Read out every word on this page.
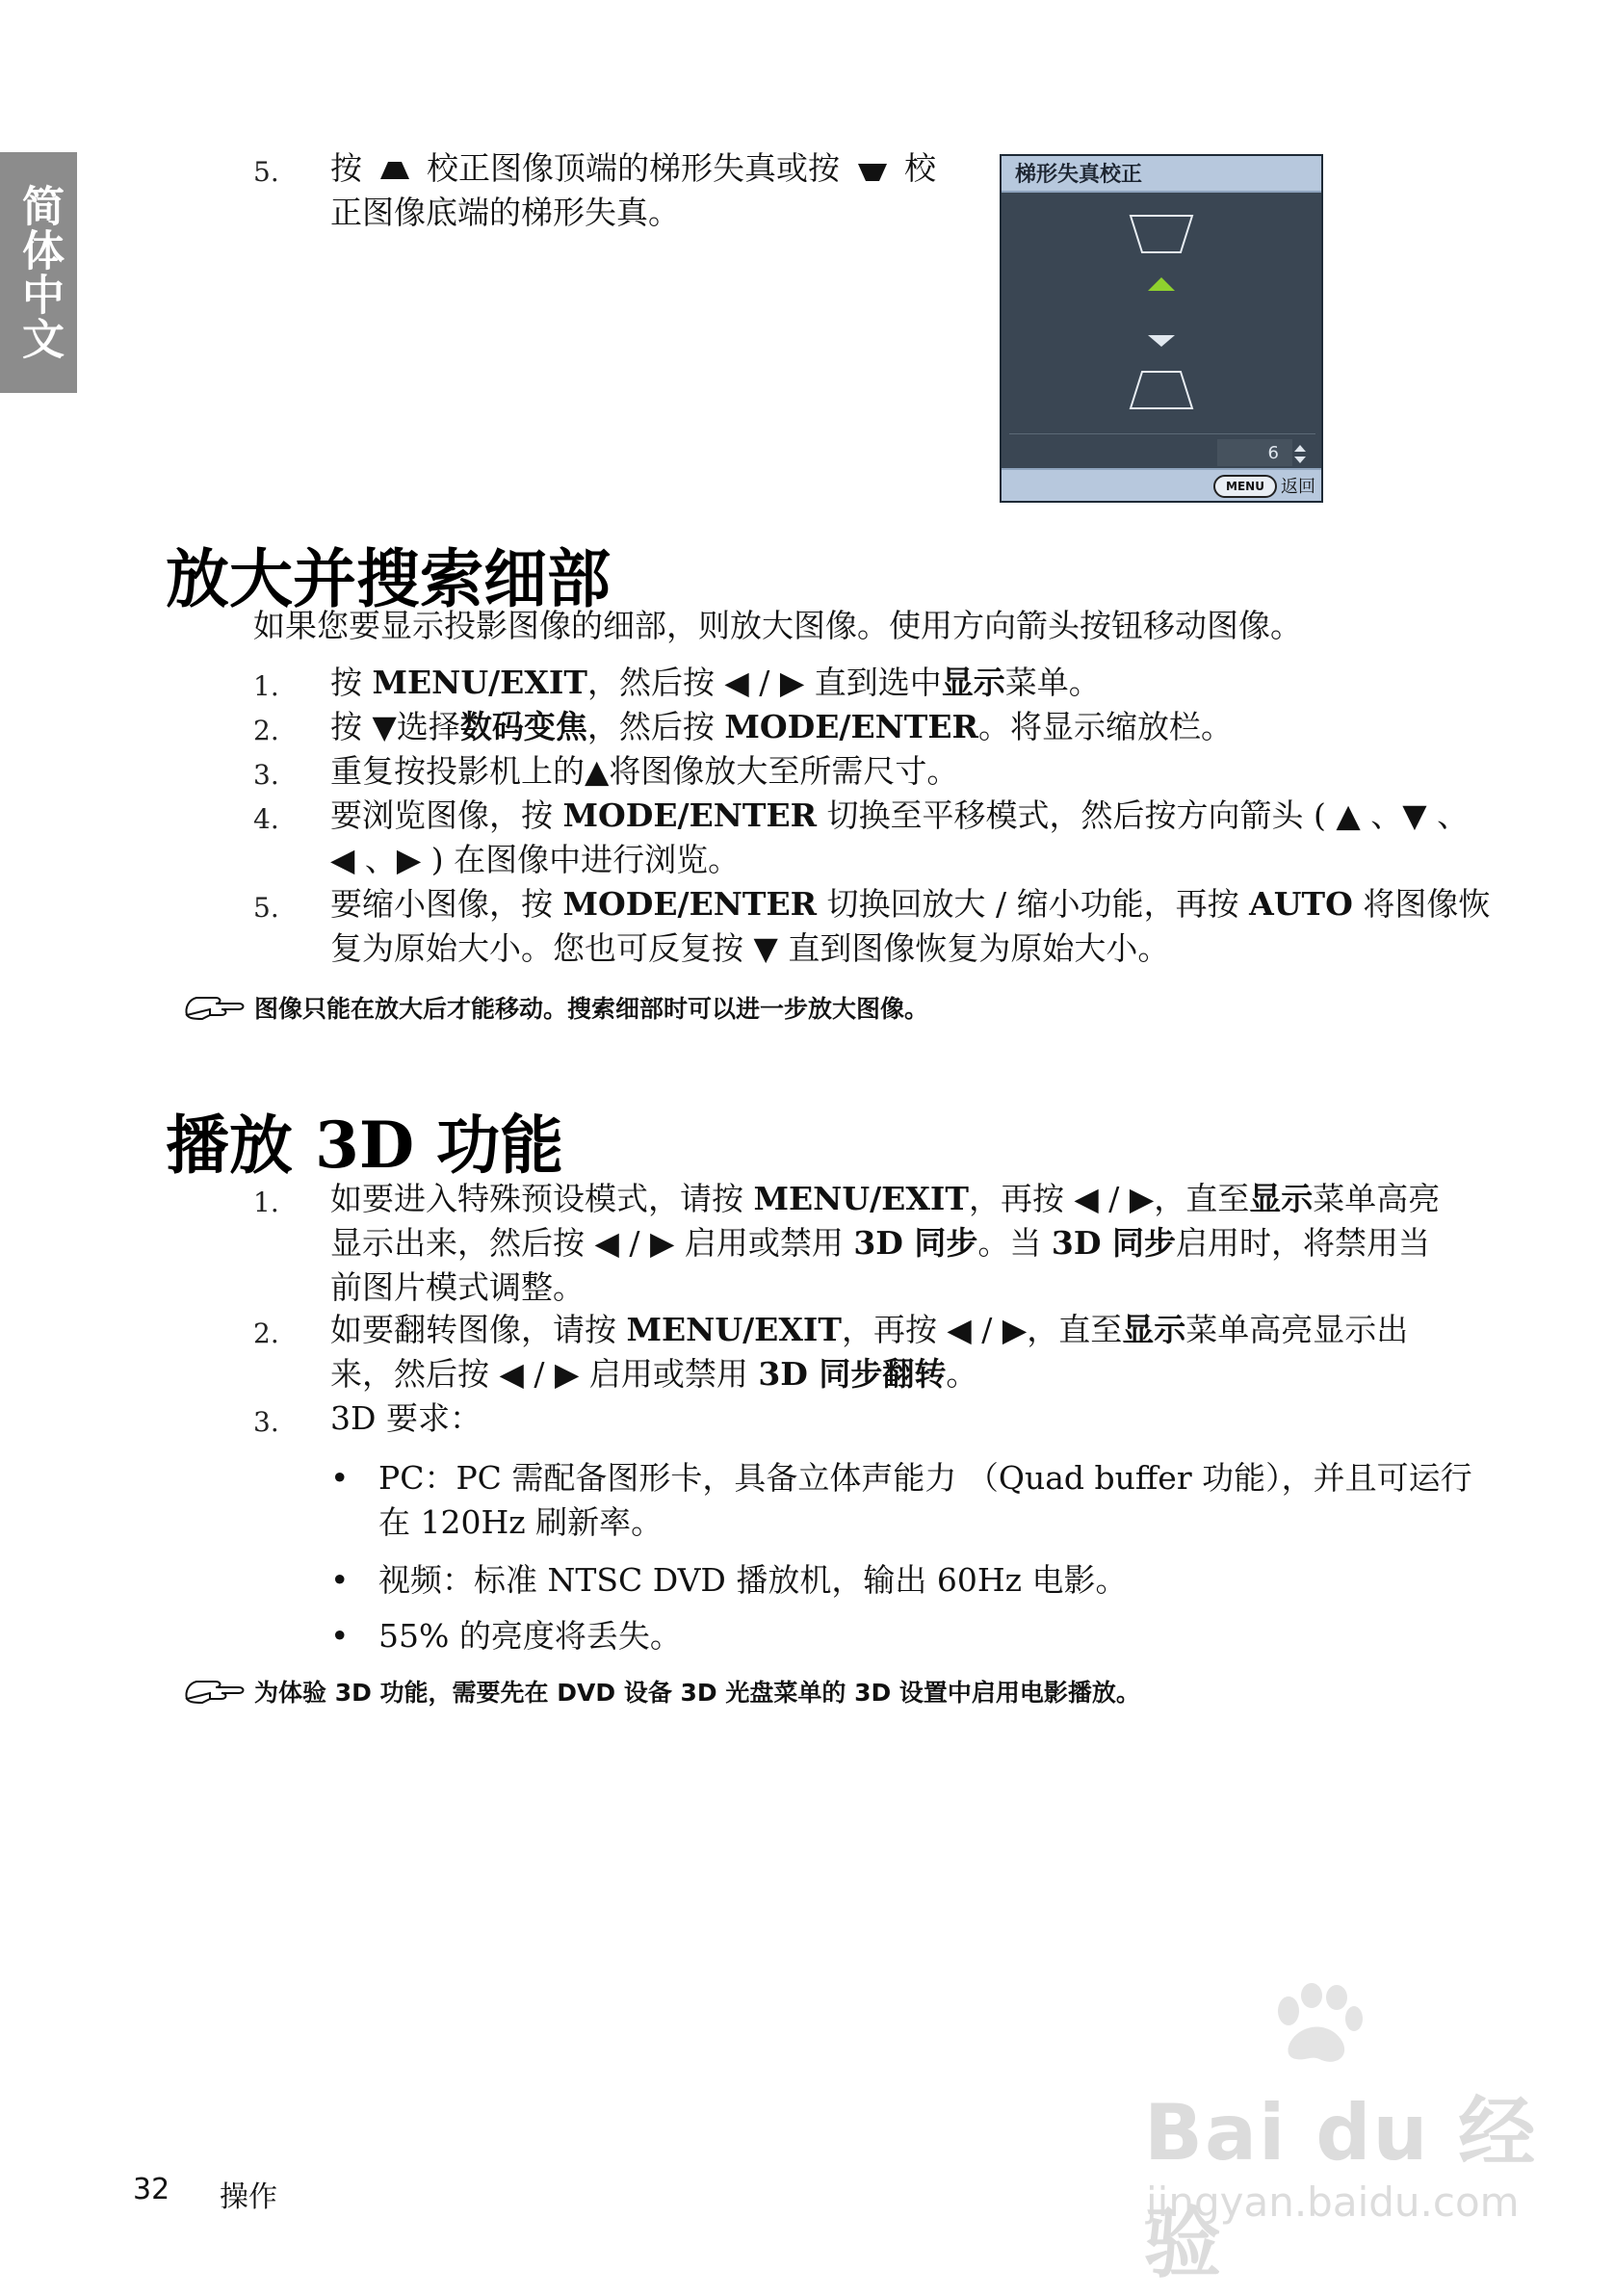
简体中文
5. 按 校正图像顶端的梯形失真或按 校
正图像底端的梯形失真。
梯形失真校正
6
MENU 返回
放大并搜索细部
如果您要显示投影图像的细部，则放大图像。使用方向箭头按钮移动图像。
1. 按 MENU/EXIT，然后按 ◀ / ▶ 直到选中显示菜单。
2. 按 ▼选择数码变焦，然后按 MODE/ENTER。将显示缩放栏。
3. 重复按投影机上的▲将图像放大至所需尺寸。
4. 要浏览图像，按 MODE/ENTER 切换至平移模式，然后按方向箭头 ( ▲ 、▼ 、
◀ 、▶ ) 在图像中进行浏览。
5. 要缩小图像，按 MODE/ENTER 切换回放大 / 缩小功能，再按 AUTO 将图像恢
复为原始大小。您也可反复按 ▼ 直到图像恢复为原始大小。
图像只能在放大后才能移动。搜索细部时可以进一步放大图像。
播放 3D 功能
1. 如要进入特殊预设模式，请按 MENU/EXIT，再按 ◀ / ▶，直至显示菜单高亮
显示出来，然后按 ◀ / ▶ 启用或禁用 3D 同步。当 3D 同步启用时，将禁用当
前图片模式调整。
2. 如要翻转图像，请按 MENU/EXIT，再按 ◀ / ▶，直至显示菜单高亮显示出
来，然后按 ◀ / ▶ 启用或禁用 3D 同步翻转。
3. 3D 要求：
• PC：PC 需配备图形卡，具备立体声能力 （Quad buffer 功能），并且可运行
在 120Hz 刷新率。
• 视频：标准 NTSC DVD 播放机，输出 60Hz 电影。
• 55% 的亮度将丢失。
为体验 3D 功能，需要先在 DVD 设备 3D 光盘菜单的 3D 设置中启用电影播放。
32 操作
Bai du 经验
jingyan.baidu.com
